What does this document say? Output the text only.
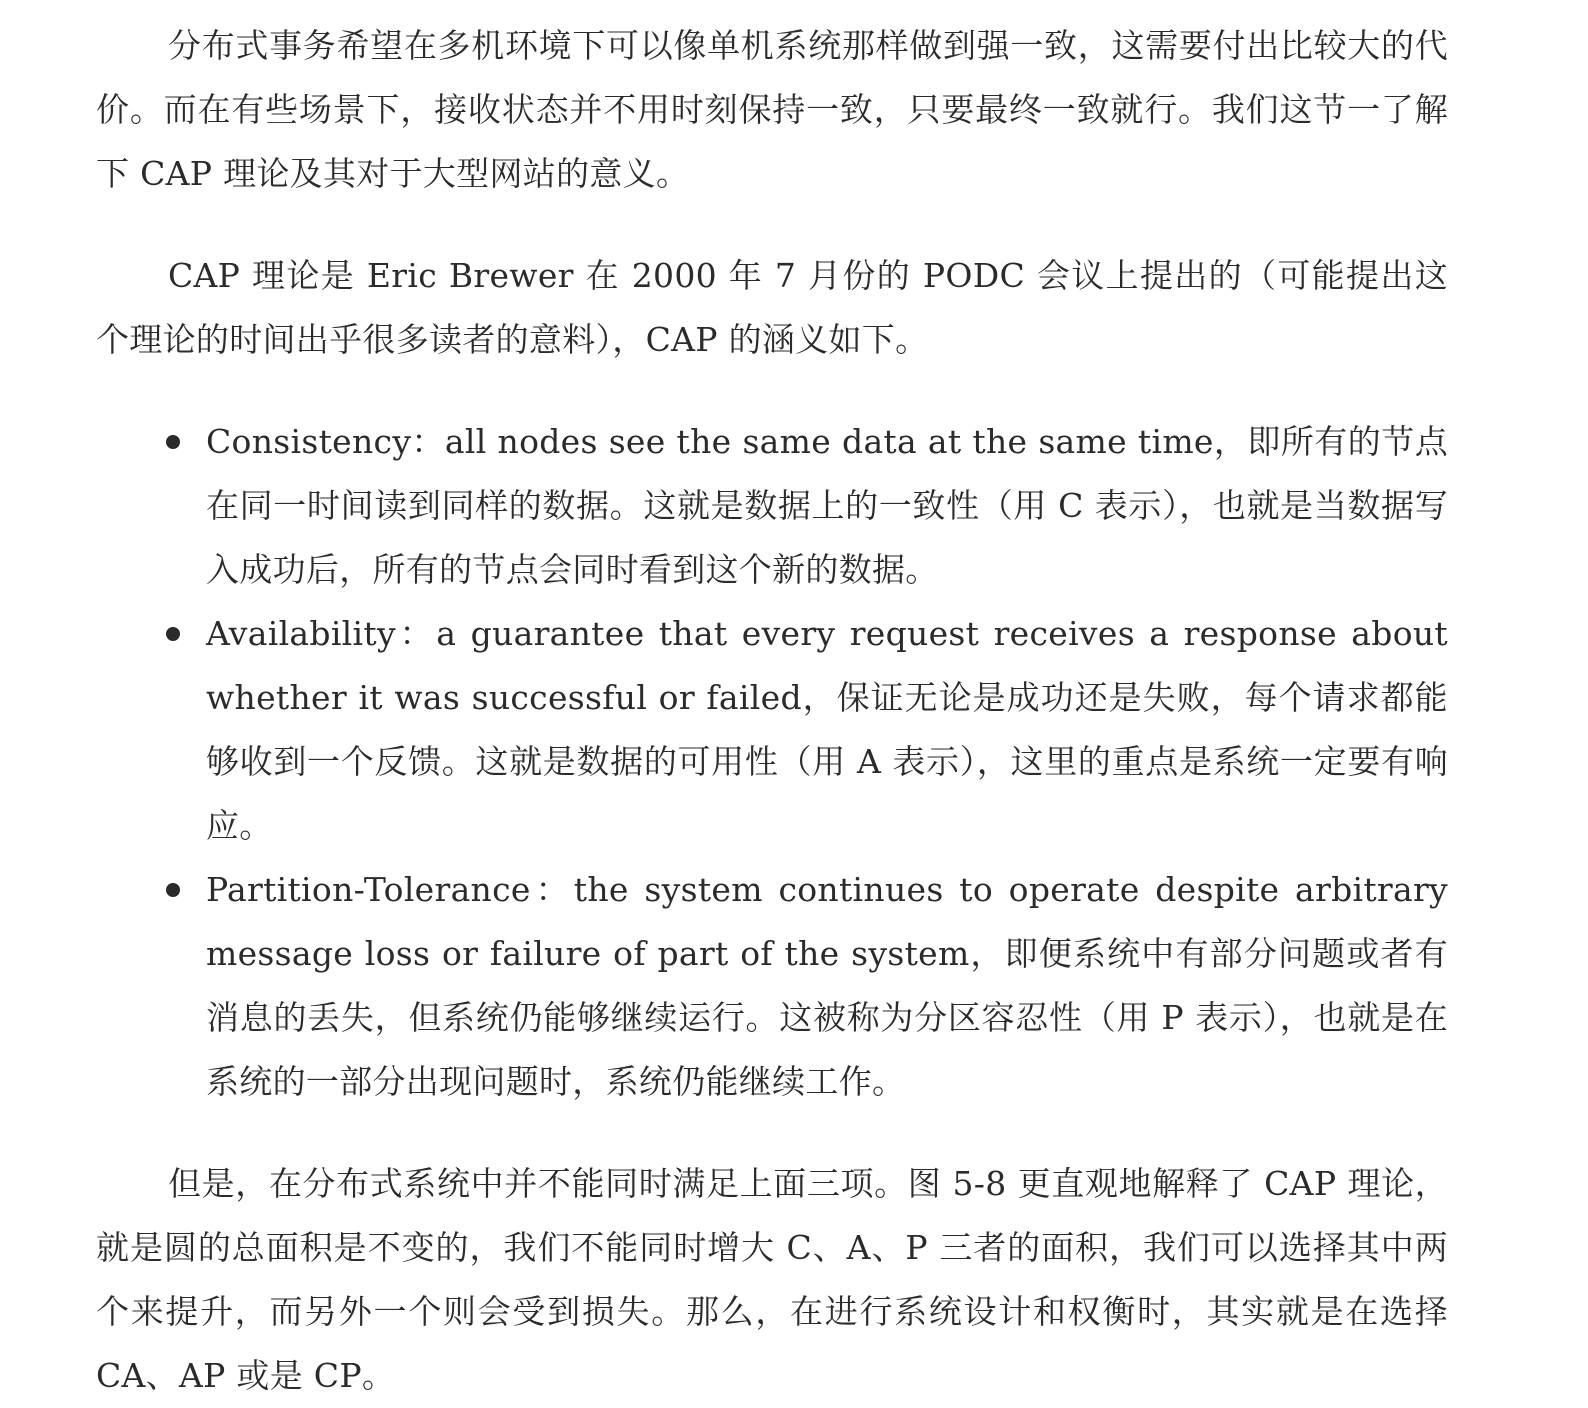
分布式事务希望在多机环境下可以像单机系统那样做到强一致，这需要付出比较大的代价。而在有些场景下，接收状态并不用时刻保持一致，只要最终一致就行。我们这节一了解下 CAP 理论及其对于大型网站的意义。

CAP 理论是 Eric Brewer 在 2000 年 7 月份的 PODC 会议上提出的（可能提出这个理论的时间出乎很多读者的意料），CAP 的涵义如下。

Consistency：all nodes see the same data at the same time，即所有的节点在同一时间读到同样的数据。这就是数据上的一致性（用 C 表示），也就是当数据写入成功后，所有的节点会同时看到这个新的数据。
Availability：a guarantee that every request receives a response about whether it was successful or failed，保证无论是成功还是失败，每个请求都能够收到一个反馈。这就是数据的可用性（用 A 表示），这里的重点是系统一定要有响应。
Partition-Tolerance：the system continues to operate despite arbitrary message loss or failure of part of the system，即便系统中有部分问题或者有消息的丢失，但系统仍能够继续运行。这被称为分区容忍性（用 P 表示），也就是在系统的一部分出现问题时，系统仍能继续工作。

但是，在分布式系统中并不能同时满足上面三项。图 5-8 更直观地解释了 CAP 理论，就是圆的总面积是不变的，我们不能同时增大 C、A、P 三者的面积，我们可以选择其中两个来提升，而另外一个则会受到损失。那么，在进行系统设计和权衡时，其实就是在选择 CA、AP 或是 CP。
